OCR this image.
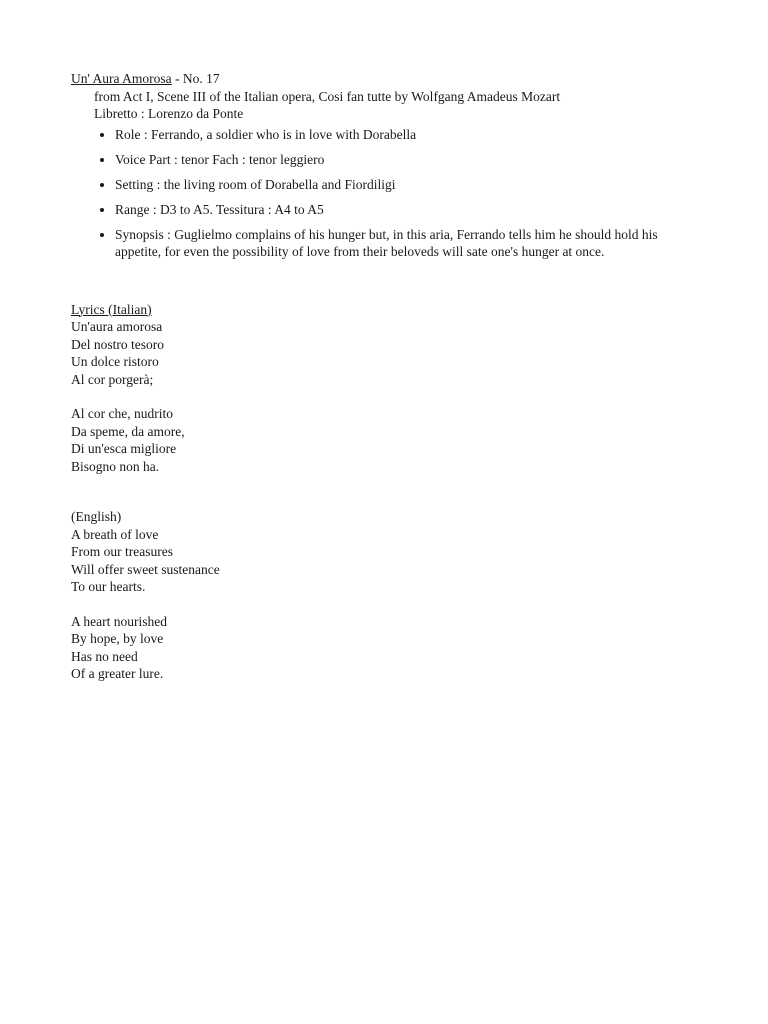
Un' Aura Amorosa - No. 17
from Act I, Scene III of the Italian opera, Cosi fan tutte by Wolfgang Amadeus Mozart
Libretto : Lorenzo da Ponte
• Role : Ferrando, a soldier who is in love with Dorabella
• Voice Part : tenor Fach : tenor leggiero
• Setting : the living room of Dorabella and Fiordiligi
• Range : D3 to A5. Tessitura : A4 to A5
• Synopsis : Guglielmo complains of his hunger but, in this aria, Ferrando tells him he should hold his appetite, for even the possibility of love from their beloveds will sate one's hunger at once.
Lyrics (Italian)
Un'aura amorosa
Del nostro tesoro
Un dolce ristoro
Al cor porgerà;
Al cor che, nudrito
Da speme, da amore,
Di un'esca migliore
Bisogno non ha.
(English)
A breath of love
From our treasures
Will offer sweet sustenance
To our hearts.
A heart nourished
By hope, by love
Has no need
Of a greater lure.
